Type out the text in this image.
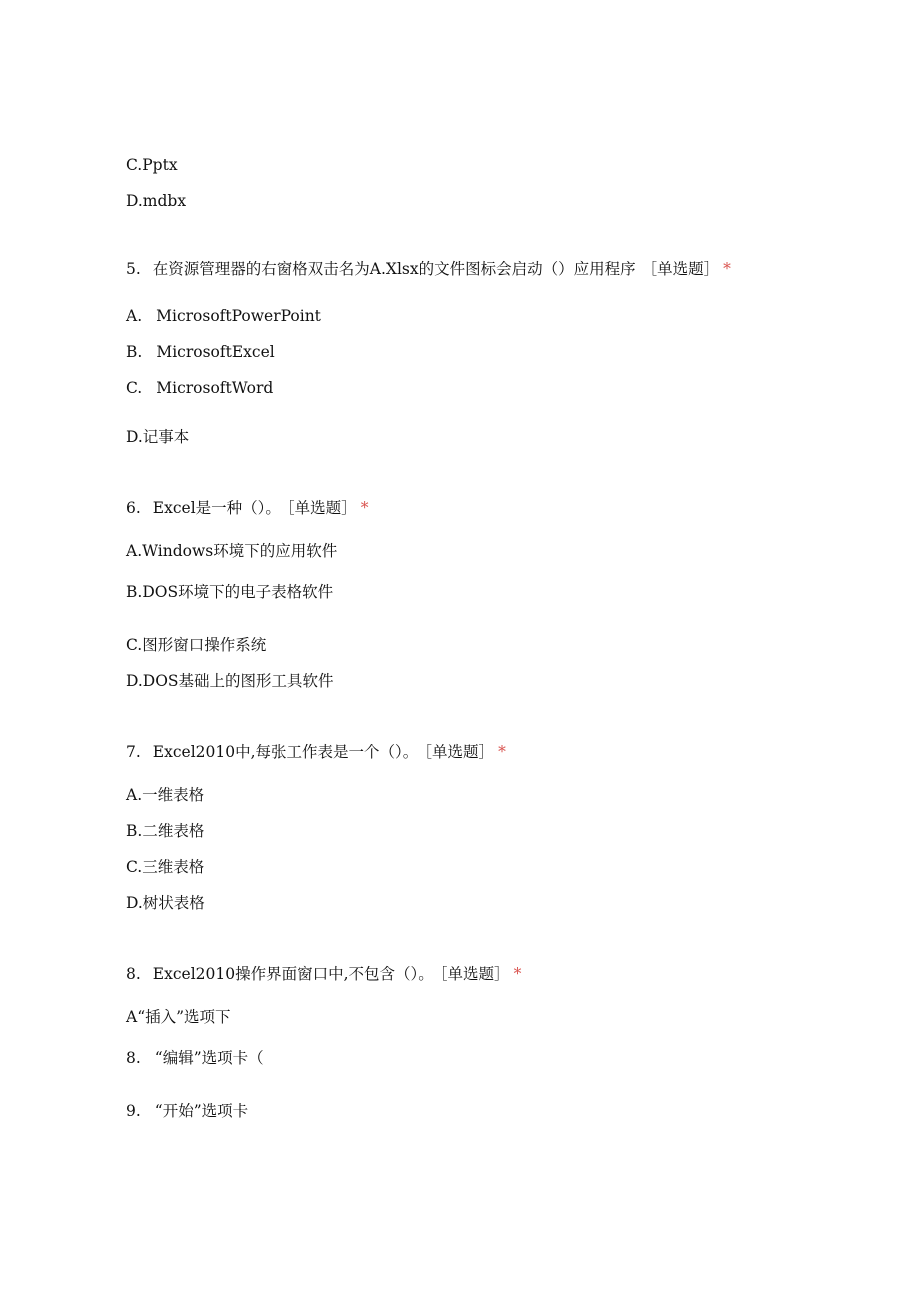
C.Pptx
D.mdbx
5. 在资源管理器的右窗格双击名为A.Xlsx的文件图标会启动（）应用程序 ［单选题］ *
A. MicrosoftPowerPoint
B. MicrosoftExcel
C. MicrosoftWord
D.记事本
6. Excel是一种（）。 ［单选题］ *
A.Windows环境下的应用软件
B.DOS环境下的电子表格软件
C.图形窗口操作系统
D.DOS基础上的图形工具软件
7. Excel2010中,每张工作表是一个（）。 ［单选题］ *
A.一维表格
B.二维表格
C.三维表格
D.树状表格
8. Excel2010操作界面窗口中,不包含（）。 ［单选题］ *
A“插入”选项下
8. “编辑”选项卡（
9. “开始”选项卡
